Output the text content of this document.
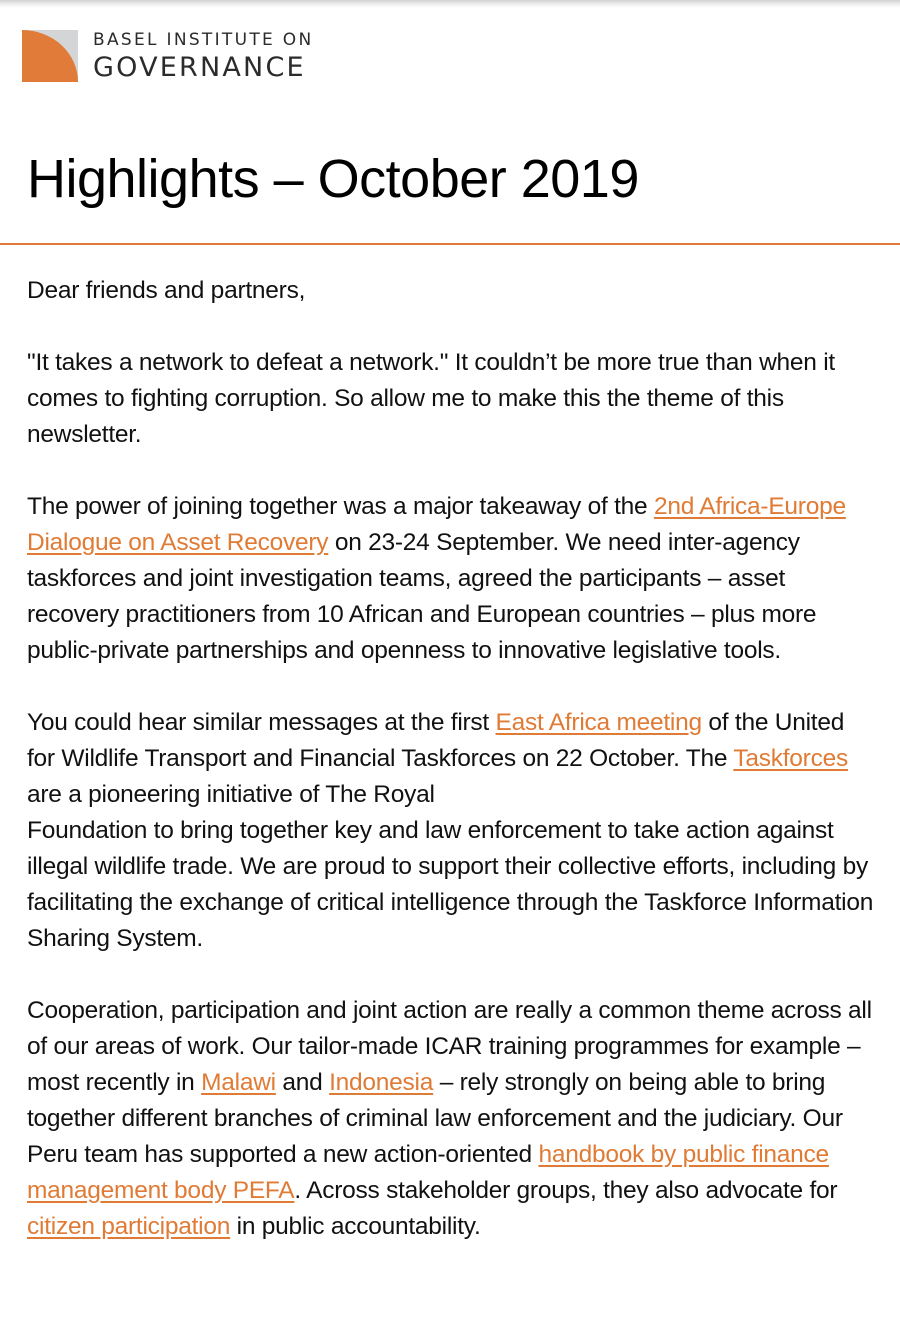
BASEL INSTITUTE ON
GOVERNANCE
Highlights – October 2019

Dear friends and partners,

"It takes a network to defeat a network." It couldn’t be more true than when it comes to fighting corruption. So allow me to make this the theme of this newsletter.

The power of joining together was a major takeaway of the 2nd Africa-Europe Dialogue on Asset Recovery on 23-24 September. We need inter-agency taskforces and joint investigation teams, agreed the participants – asset recovery practitioners from 10 African and European countries – plus more public-private partnerships and openness to innovative legislative tools.

You could hear similar messages at the first East Africa meeting of the United for Wildlife Transport and Financial Taskforces on 22 October. The Taskforces are a pioneering initiative of The Royal
Foundation to bring together key and law enforcement to take action against illegal wildlife trade. We are proud to support their collective efforts, including by facilitating the exchange of critical intelligence through the Taskforce Information Sharing System.

Cooperation, participation and joint action are really a common theme across all of our areas of work. Our tailor-made ICAR training programmes for example – most recently in Malawi and Indonesia – rely strongly on being able to bring together different branches of criminal law enforcement and the judiciary. Our Peru team has supported a new action-oriented handbook by public finance management body PEFA. Across stakeholder groups, they also advocate for citizen participation in public accountability.
